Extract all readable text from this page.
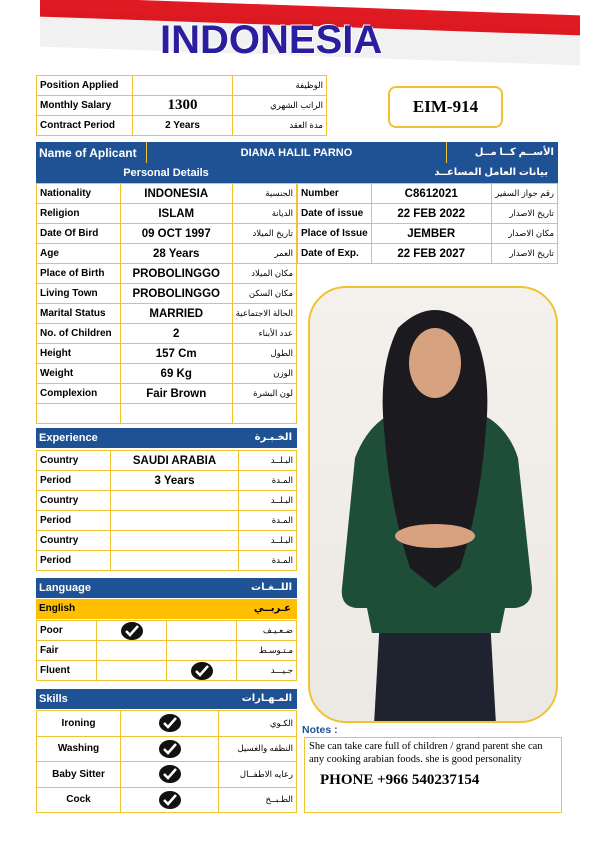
INDONESIA
Position Applied		الوظيفة
Monthly Salary	1300	الراتب الشهري
Contract Period	2 Years	مدة العقد
EIM-914
Name of Aplicant	DIANA HALIL PARNO	الأســم كــا مــل
Personal Details	بيانات العامل المساعــد
Nationality	INDONESIA	الجنسية
Religion	ISLAM	الديانة
Date Of Bird	09 OCT 1997	تاريخ الميلاد
Age	28 Years	العمر
Place of Birth	PROBOLINGGO	مكان الميلاد
Living Town	PROBOLINGGO	مكان السكن
Marital Status	MARRIED	الحالة الاجتماعية
No. of Children	2	عدد الأبناء
Height	157 Cm	الطول
Weight	69 Kg	الوزن
Complexion	Fair Brown	لون البشرة

Number	C8612021	رقم جواز السفير
Date of issue	22 FEB 2022	تاريخ الاصدار
Place of Issue	JEMBER	مكان الاصدار
Date of Exp.	22 FEB 2027	تاريخ الاصدار
Experience	الخـبـرة
Country	SAUDI ARABIA	البـلــد
Period	3 Years	المـدة
Country		البـلــد
Period		المـدة
Country		البـلــد
Period		المـدة
Language	اللــغـات
English	عـربــي
Poor			ضـعـيـف
Fair			مـتـوسـط
Fluent			جـيـــد
Skills	المـهـارات
Ironing		الكـوي
Washing		النظفه والغسيل
Baby Sitter		رعايه الاطفــال
Cock		الطـبــخ
Notes :
She can take care full of children / grand parent she can any cooking arabian foods. she is good personality
PHONE +966 540237154
